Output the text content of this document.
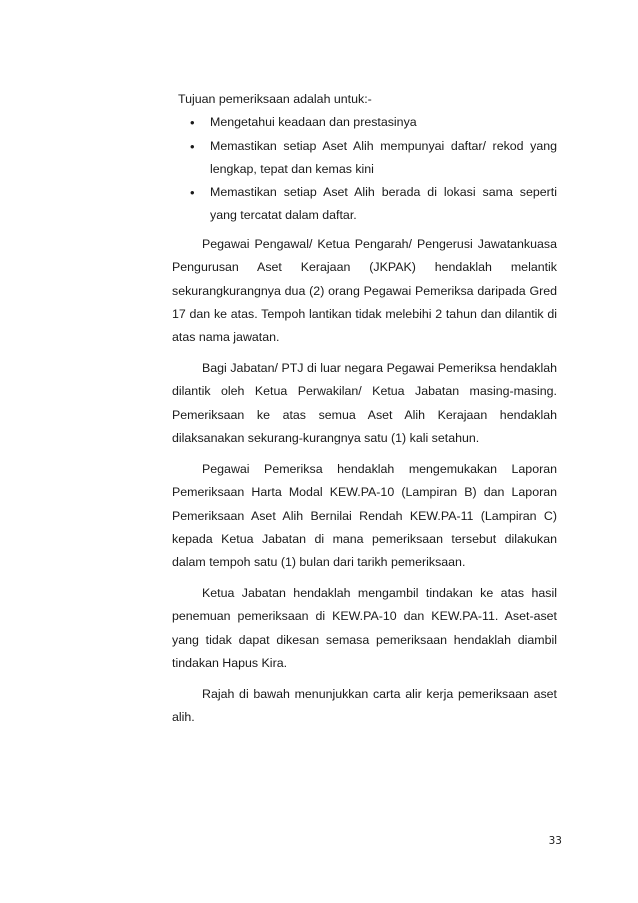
Tujuan pemeriksaan adalah untuk:-
• Mengetahui keadaan dan prestasinya
• Memastikan setiap Aset Alih mempunyai daftar/ rekod yang lengkap, tepat dan kemas kini
• Memastikan setiap Aset Alih berada di lokasi sama seperti yang tercatat dalam daftar.

Pegawai Pengawal/ Ketua Pengarah/ Pengerusi Jawatankuasa Pengurusan Aset Kerajaan (JKPAK) hendaklah melantik sekurangkurangnya dua (2) orang Pegawai Pemeriksa daripada Gred 17 dan ke atas. Tempoh lantikan tidak melebihi 2 tahun dan dilantik di atas nama jawatan.

Bagi Jabatan/ PTJ di luar negara Pegawai Pemeriksa hendaklah dilantik oleh Ketua Perwakilan/ Ketua Jabatan masing-masing. Pemeriksaan ke atas semua Aset Alih Kerajaan hendaklah dilaksanakan sekurang-kurangnya satu (1) kali setahun.

Pegawai Pemeriksa hendaklah mengemukakan Laporan Pemeriksaan Harta Modal KEW.PA-10 (Lampiran B) dan Laporan Pemeriksaan Aset Alih Bernilai Rendah KEW.PA-11 (Lampiran C) kepada Ketua Jabatan di mana pemeriksaan tersebut dilakukan dalam tempoh satu (1) bulan dari tarikh pemeriksaan.

Ketua Jabatan hendaklah mengambil tindakan ke atas hasil penemuan pemeriksaan di KEW.PA-10 dan KEW.PA-11. Aset-aset yang tidak dapat dikesan semasa pemeriksaan hendaklah diambil tindakan Hapus Kira.

Rajah di bawah menunjukkan carta alir kerja pemeriksaan aset alih.

33
